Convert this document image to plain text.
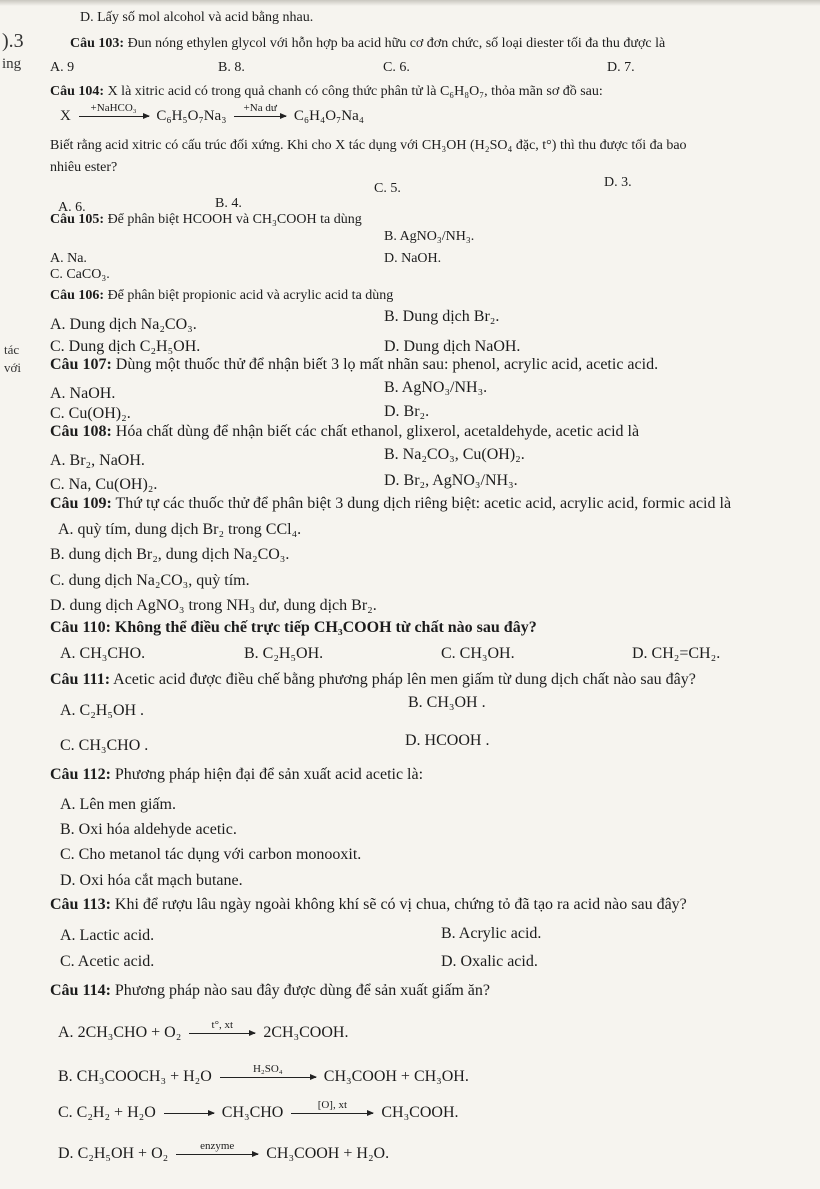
).3
ing
tác
với
D. Lấy số mol alcohol và acid bằng nhau.
Câu 103: Đun nóng ethylen glycol với hỗn hợp ba acid hữu cơ đơn chức, số loại diester tối đa thu được là
A. 9	B. 8.	C. 6.	D. 7.
Câu 104: X là xitric acid có trong quả chanh có công thức phân tử là C₆H₈O₇, thỏa mãn sơ đồ sau:
Biết rằng acid xitric có cấu trúc đối xứng. Khi cho X tác dụng với CH₃OH (H₂SO₄ đặc, t°) thì thu được tối đa bao
nhiêu ester?
D. 3.
C. 5.
B. 4.
A. 6.
Câu 105: Để phân biệt HCOOH và CH₃COOH ta dùng
B. AgNO₃/NH₃.
A. Na.	D. NaOH.
C. CaCO₃.
Câu 106: Để phân biệt propionic acid và acrylic acid ta dùng
B. Dung dịch Br₂.
A. Dung dịch Na₂CO₃.
D. Dung dịch NaOH.
C. Dung dịch C₂H₅OH.
Câu 107: Dùng một thuốc thử để nhận biết 3 lọ mất nhãn sau: phenol, acrylic acid, acetic acid.
B. AgNO₃/NH₃.
A. NaOH.
D. Br₂.
C. Cu(OH)₂.
Câu 108: Hóa chất dùng để nhận biết các chất ethanol, glixerol, acetaldehyde, acetic acid là
B. Na₂CO₃, Cu(OH)₂.
A. Br₂, NaOH.
D. Br₂, AgNO₃/NH₃.
C. Na, Cu(OH)₂.
Câu 109: Thứ tự các thuốc thử để phân biệt 3 dung dịch riêng biệt: acetic acid, acrylic acid, formic acid là
A. quỳ tím, dung dịch Br₂ trong CCl₄.
B. dung dịch Br₂, dung dịch Na₂CO₃.
C. dung dịch Na₂CO₃, quỳ tím.
D. dung dịch AgNO₃ trong NH₃ dư, dung dịch Br₂.
Câu 110: Không thể điều chế trực tiếp CH₃COOH từ chất nào sau đây?
A. CH₃CHO.	B. C₂H₅OH.	C. CH₃OH.	D. CH₂=CH₂.
Câu 111: Acetic acid được điều chế bằng phương pháp lên men giấm từ dung dịch chất nào sau đây?
B. CH₃OH .
A. C₂H₅OH .
D. HCOOH .
C. CH₃CHO .
Câu 112: Phương pháp hiện đại để sản xuất acid acetic là:
A. Lên men giấm.
B. Oxi hóa aldehyde acetic.
C. Cho metanol tác dụng với carbon monooxit.
D. Oxi hóa cắt mạch butane.
Câu 113: Khi để rượu lâu ngày ngoài không khí sẽ có vị chua, chứng tỏ đã tạo ra acid nào sau đây?
A. Lactic acid.	B. Acrylic acid.
C. Acetic acid.	D. Oxalic acid.
Câu 114: Phương pháp nào sau đây được dùng để sản xuất giấm ăn?
X	+NaHCO₃	C₆H₅O₇Na₃	+Na dư	C₆H₄O₇Na₄
A. 2CH₃CHO + O₂	t°, xt	2CH₃COOH.
B. CH₃COOCH₃ + H₂O	H₂SO₄	CH₃COOH + CH₃OH.
C. C₂H₂ + H₂O	CH₃CHO	[O], xt	CH₃COOH.
D. C₂H₅OH + O₂	enzyme	CH₃COOH + H₂O.
